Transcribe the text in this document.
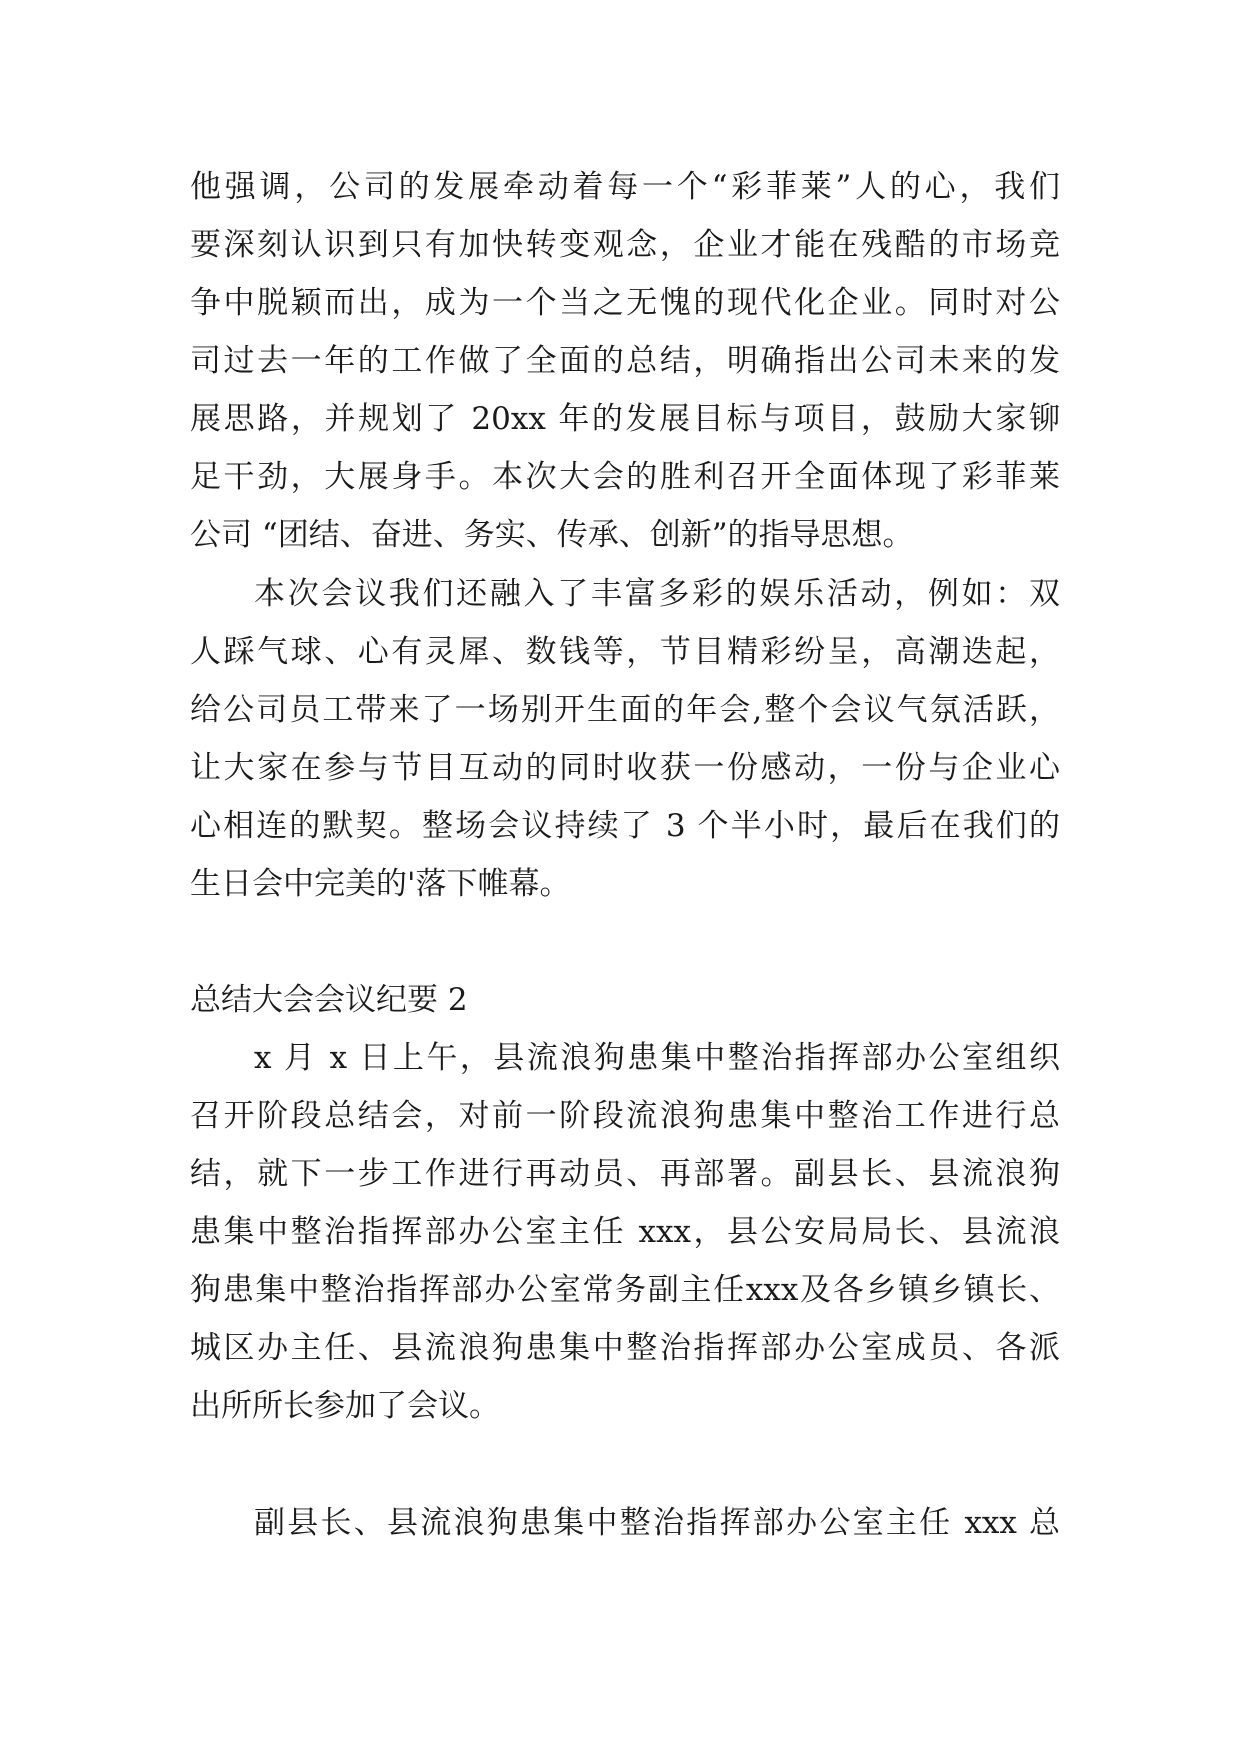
他强调，公司的发展牵动着每一个“彩菲莱”人的心，我们
要深刻认识到只有加快转变观念，企业才能在残酷的市场竞
争中脱颖而出，成为一个当之无愧的现代化企业。同时对公
司过去一年的工作做了全面的总结，明确指出公司未来的发
展思路，并规划了 20xx 年的发展目标与项目，鼓励大家铆
足干劲，大展身手。本次大会的胜利召开全面体现了彩菲莱
公司 “团结、奋进、务实、传承、创新”的指导思想。
本次会议我们还融入了丰富多彩的娱乐活动，例如：双
人踩气球、心有灵犀、数钱等，节目精彩纷呈，高潮迭起，
给公司员工带来了一场别开生面的年会,整个会议气氛活跃，
让大家在参与节目互动的同时收获一份感动，一份与企业心
心相连的默契。整场会议持续了 3 个半小时，最后在我们的
生日会中完美的'落下帷幕。
总结大会会议纪要 2
x 月 x 日上午，县流浪狗患集中整治指挥部办公室组织
召开阶段总结会，对前一阶段流浪狗患集中整治工作进行总
结，就下一步工作进行再动员、再部署。副县长、县流浪狗
患集中整治指挥部办公室主任 xxx，县公安局局长、县流浪
狗患集中整治指挥部办公室常务副主任xxx及各乡镇乡镇长、
城区办主任、县流浪狗患集中整治指挥部办公室成员、各派
出所所长参加了会议。
副县长、县流浪狗患集中整治指挥部办公室主任 xxx 总
